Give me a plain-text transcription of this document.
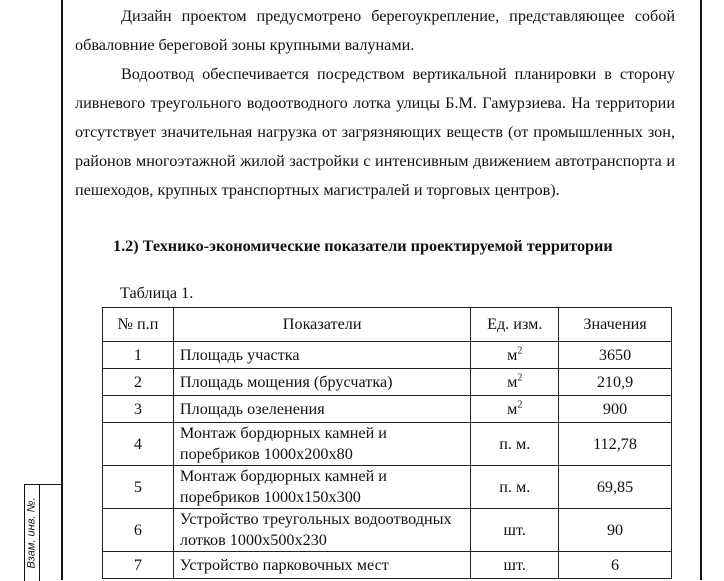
Взам. инв. №.

Дизайн проектом предусмотрено берегоукрепление, представляющее собой обваловние береговой зоны крупными валунами.

Водоотвод обеспечивается посредством вертикальной планировки в сторону ливневого треугольного водоотводного лотка улицы Б.М. Гамурзиева. На территории отсутствует значительная нагрузка от загрязняющих веществ (от промышленных зон, районов многоэтажной жилой застройки с интенсивным движением автотранспорта и пешеходов, крупных транспортных магистралей и торговых центров).

1.2) Технико-экономические показатели проектируемой территории
Таблица 1.
№ п.п	Показатели	Ед. изм.	Значения
1	Площадь участка	$м^2$	3650
2	Площадь мощения (брусчатка)	$м^2$	210,9
3	Площадь озеленения	$м^2$	900
4	Монтаж бордюрных камней и поребриков 1000x200x80	п. м.	112,78
5	Монтаж бордюрных камней и поребриков 1000x150x300	п. м.	69,85
6	Устройство треугольных водоотводных лотков 1000x500x230	шт.	90
7	Устройство парковочных мест	шт.	6
